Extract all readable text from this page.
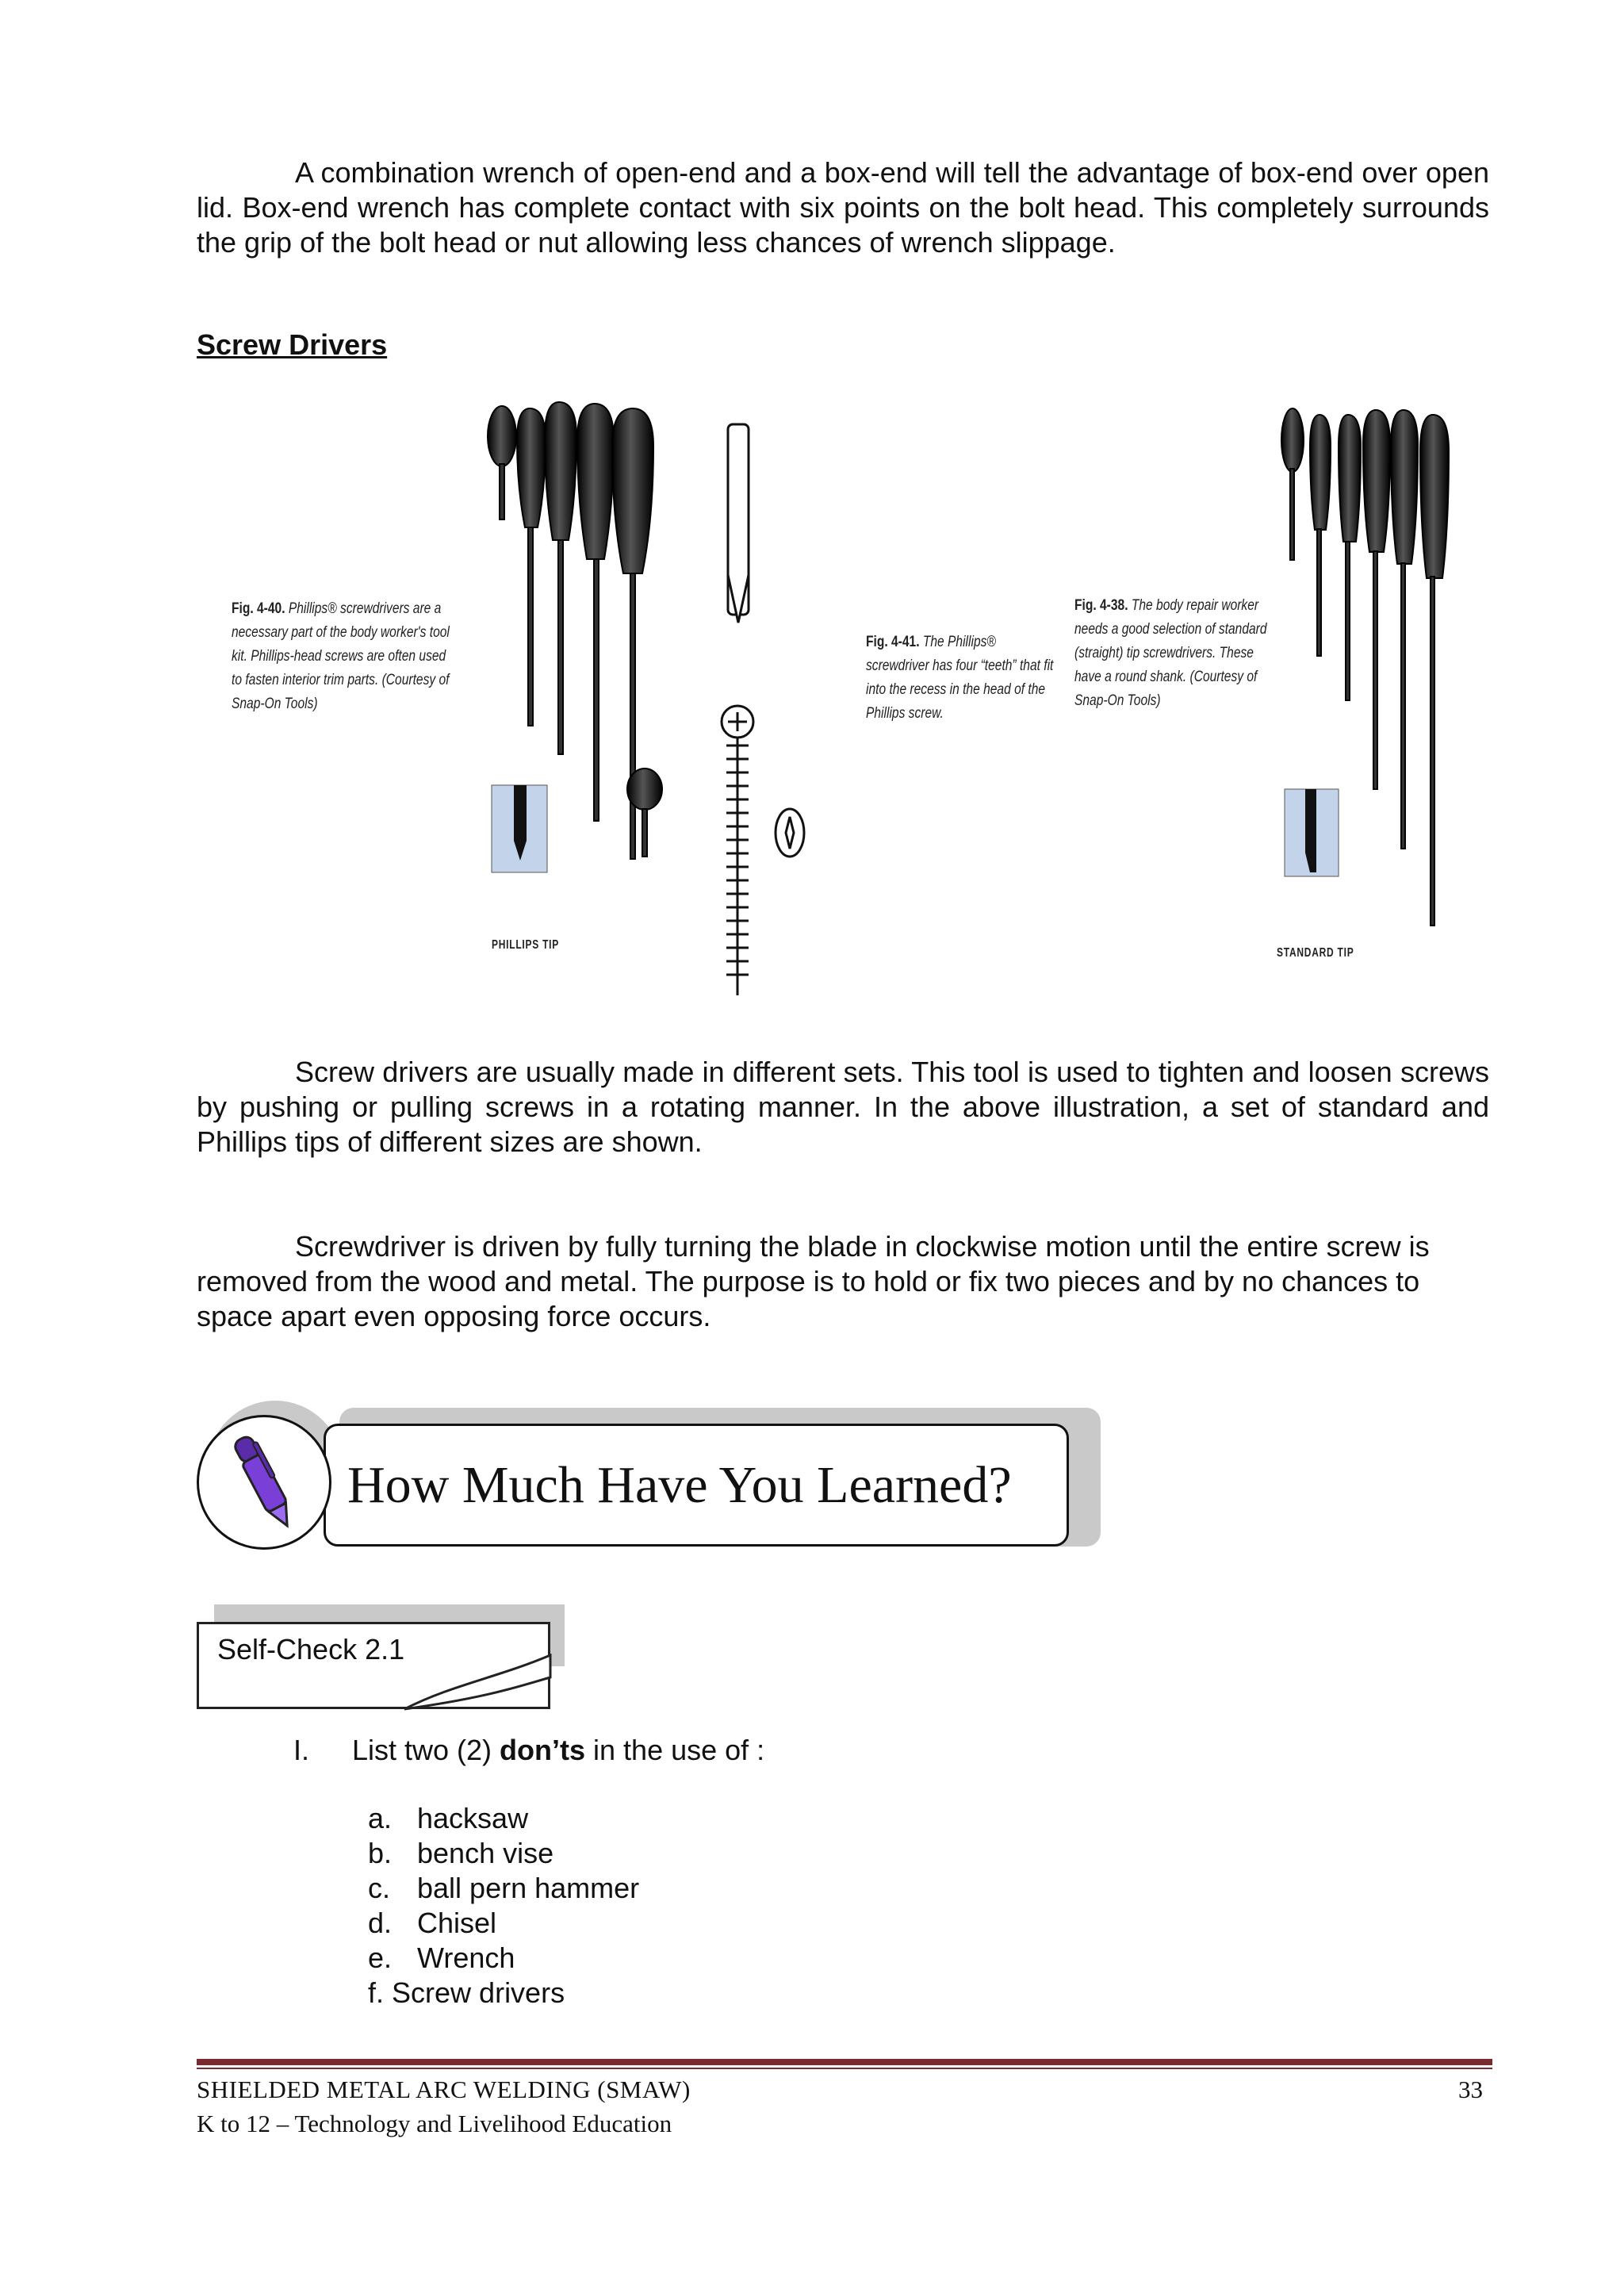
A combination wrench of open-end and a box-end will tell the advantage of box-end over open lid. Box-end wrench has complete contact with six points on the bolt head. This completely surrounds the grip of the bolt head or nut allowing less chances of wrench slippage.

Screw Drivers

Fig. 4-40. Phillips® screwdrivers are a necessary part of the body worker's tool kit. Phillips-head screws are often used to fasten interior trim parts. (Courtesy of Snap-On Tools)
Fig. 4-41. The Phillips® screwdriver has four “teeth” that fit into the recess in the head of the Phillips screw.
Fig. 4-38. The body repair worker needs a good selection of standard (straight) tip screwdrivers. These have a round shank. (Courtesy of Snap-On Tools)
PHILLIPS TIP
STANDARD TIP

Screw drivers are usually made in different sets. This tool is used to tighten and loosen screws by pushing or pulling screws in a rotating manner. In the above illustration, a set of standard and Phillips tips of different sizes are shown.

Screwdriver is driven by fully turning the blade in clockwise motion until the entire screw is removed from the wood and metal. The purpose is to hold or fix two pieces and by no chances to space apart even opposing force occurs.

How Much Have You Learned?
Self-Check 2.1
I. List two (2) don’ts in the use of :
a. hacksaw
b. bench vise
c. ball pern hammer
d. Chisel
e. Wrench
f. Screw drivers
SHIELDED METAL ARC WELDING (SMAW)
K to 12 – Technology and Livelihood Education
33
